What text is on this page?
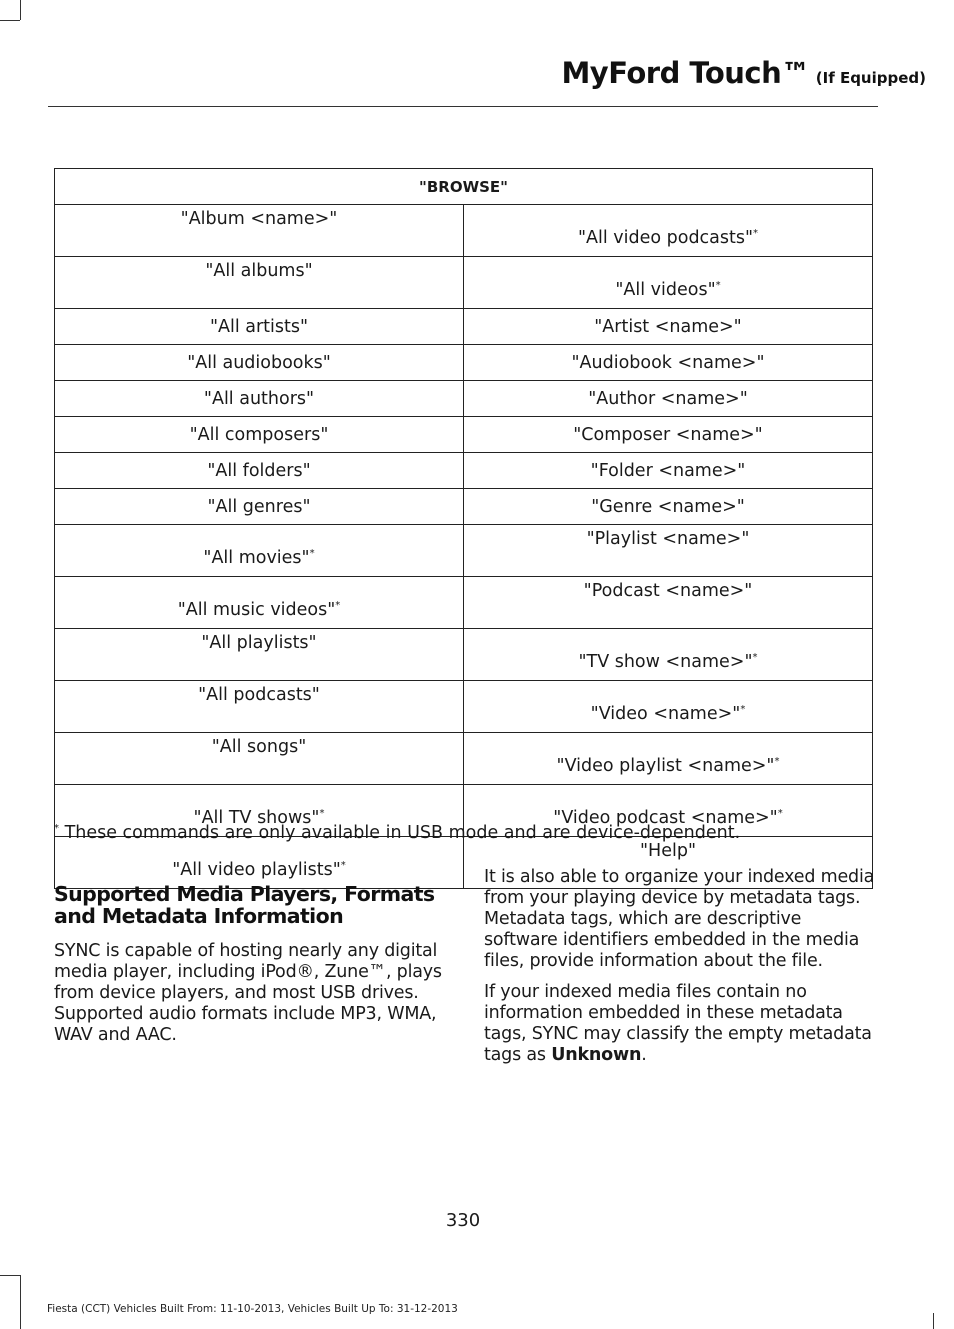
MyFord Touch™ (If Equipped)
"BROWSE"	
"Album <name>"	"All video podcasts"*
"All albums"	"All videos"*
"All artists"	"Artist <name>"
"All audiobooks"	"Audiobook <name>"
"All authors"	"Author <name>"
"All composers"	"Composer <name>"
"All folders"	"Folder <name>"
"All genres"	"Genre <name>"
"All movies"*	"Playlist <name>"
"All music videos"*	"Podcast <name>"
"All playlists"	"TV show <name>"*
"All podcasts"	"Video <name>"*
"All songs"	"Video playlist <name>"*
"All TV shows"*	"Video podcast <name>"*
"All video playlists"*	"Help"
* These commands are only available in USB mode and are device-dependent.
Supported Media Players, Formats and Metadata Information

SYNC is capable of hosting nearly any digital media player, including iPod®, Zune™, plays from device players, and most USB drives. Supported audio formats include MP3, WMA, WAV and AAC.

It is also able to organize your indexed media from your playing device by metadata tags. Metadata tags, which are descriptive software identifiers embedded in the media files, provide information about the file.

If your indexed media files contain no information embedded in these metadata tags, SYNC may classify the empty metadata tags as Unknown.

330
Fiesta (CCT) Vehicles Built From: 11-10-2013, Vehicles Built Up To: 31-12-2013
